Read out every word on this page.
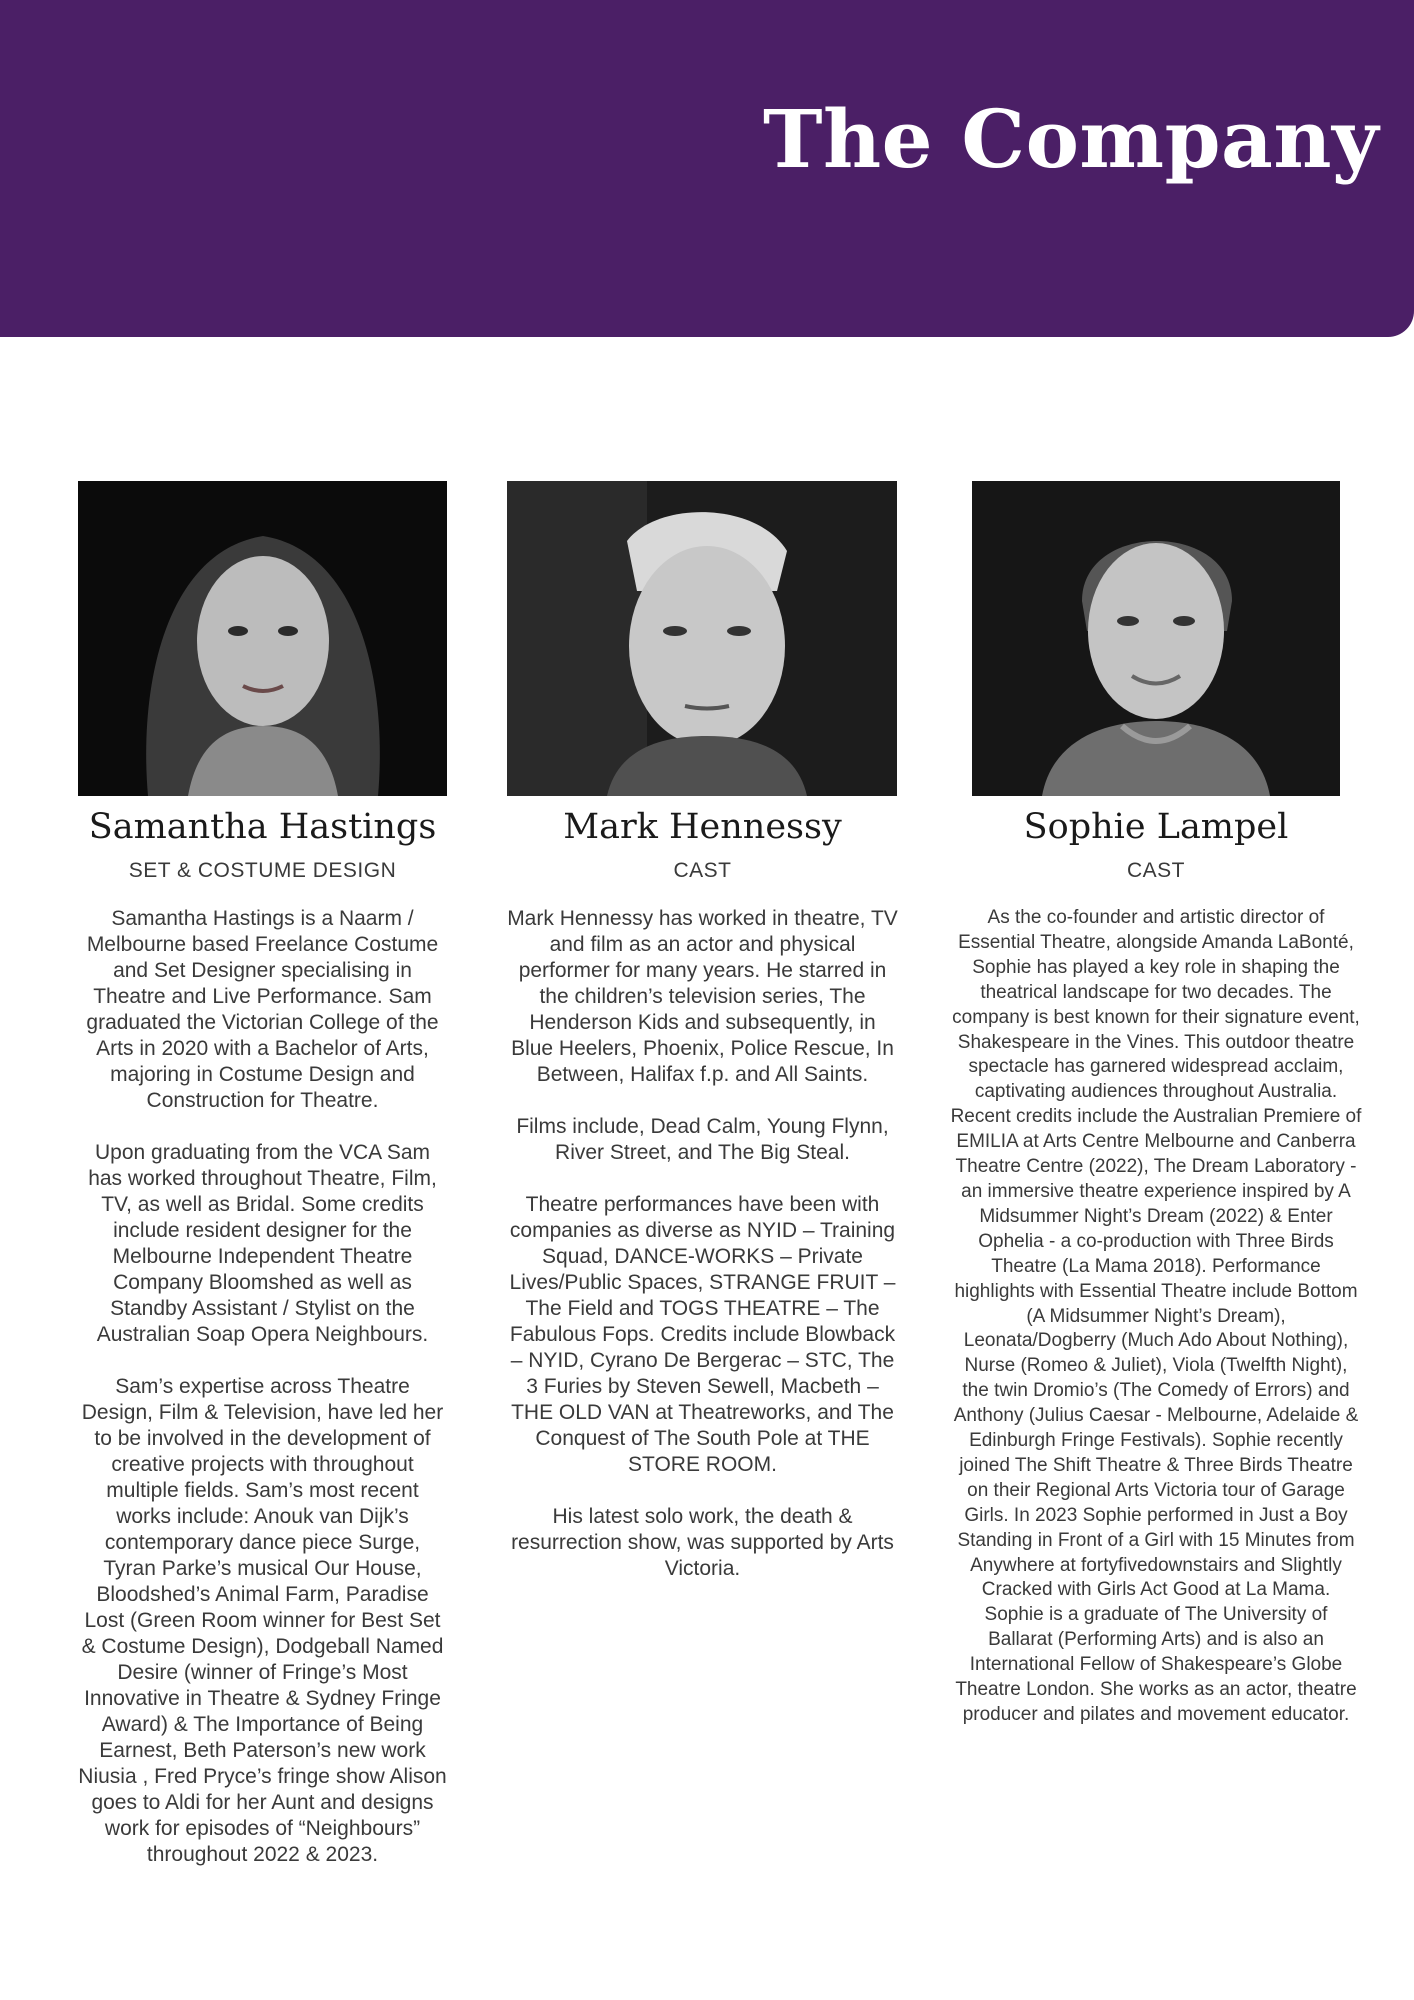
The Company
Samantha Hastings
SET & COSTUME DESIGN

Samantha Hastings is a Naarm / Melbourne based Freelance Costume and Set Designer specialising in Theatre and Live Performance. Sam graduated the Victorian College of the Arts in 2020 with a Bachelor of Arts, majoring in Costume Design and Construction for Theatre.

Upon graduating from the VCA Sam has worked throughout Theatre, Film, TV, as well as Bridal. Some credits include resident designer for the Melbourne Independent Theatre Company Bloomshed as well as Standby Assistant / Stylist on the Australian Soap Opera Neighbours.

Sam’s expertise across Theatre Design, Film & Television, have led her to be involved in the development of creative projects with throughout multiple fields. Sam’s most recent works include: Anouk van Dijk’s contemporary dance piece Surge, Tyran Parke’s musical Our House, Bloodshed’s Animal Farm, Paradise Lost (Green Room winner for Best Set & Costume Design), Dodgeball Named Desire (winner of Fringe’s Most Innovative in Theatre & Sydney Fringe Award) & The Importance of Being Earnest, Beth Paterson’s new work Niusia , Fred Pryce’s fringe show Alison goes to Aldi for her Aunt and designs work for episodes of “Neighbours” throughout 2022 & 2023.

Mark Hennessy
CAST

Mark Hennessy has worked in theatre, TV and film as an actor and physical performer for many years. He starred in the children’s television series, The Henderson Kids and subsequently, in Blue Heelers, Phoenix, Police Rescue, In Between, Halifax f.p. and All Saints.

Films include, Dead Calm, Young Flynn, River Street, and The Big Steal.

Theatre performances have been with companies as diverse as NYID – Training Squad, DANCE-WORKS – Private Lives/Public Spaces, STRANGE FRUIT – The Field and TOGS THEATRE – The Fabulous Fops. Credits include Blowback – NYID, Cyrano De Bergerac – STC, The 3 Furies by Steven Sewell, Macbeth – THE OLD VAN at Theatreworks, and The Conquest of The South Pole at THE STORE ROOM.

His latest solo work, the death & resurrection show, was supported by Arts Victoria.

Sophie Lampel
CAST

As the co-founder and artistic director of Essential Theatre, alongside Amanda LaBonté, Sophie has played a key role in shaping the theatrical landscape for two decades. The company is best known for their signature event, Shakespeare in the Vines. This outdoor theatre spectacle has garnered widespread acclaim, captivating audiences throughout Australia. Recent credits include the Australian Premiere of EMILIA at Arts Centre Melbourne and Canberra Theatre Centre (2022), The Dream Laboratory - an immersive theatre experience inspired by A Midsummer Night’s Dream (2022) & Enter Ophelia - a co-production with Three Birds Theatre (La Mama 2018). Performance highlights with Essential Theatre include Bottom (A Midsummer Night’s Dream), Leonata/Dogberry (Much Ado About Nothing), Nurse (Romeo & Juliet), Viola (Twelfth Night), the twin Dromio’s (The Comedy of Errors) and Anthony (Julius Caesar - Melbourne, Adelaide & Edinburgh Fringe Festivals). Sophie recently joined The Shift Theatre & Three Birds Theatre on their Regional Arts Victoria tour of Garage Girls. In 2023 Sophie performed in Just a Boy Standing in Front of a Girl with 15 Minutes from Anywhere at fortyfivedownstairs and Slightly Cracked with Girls Act Good at La Mama. Sophie is a graduate of The University of Ballarat (Performing Arts) and is also an International Fellow of Shakespeare’s Globe Theatre London. She works as an actor, theatre producer and pilates and movement educator.
